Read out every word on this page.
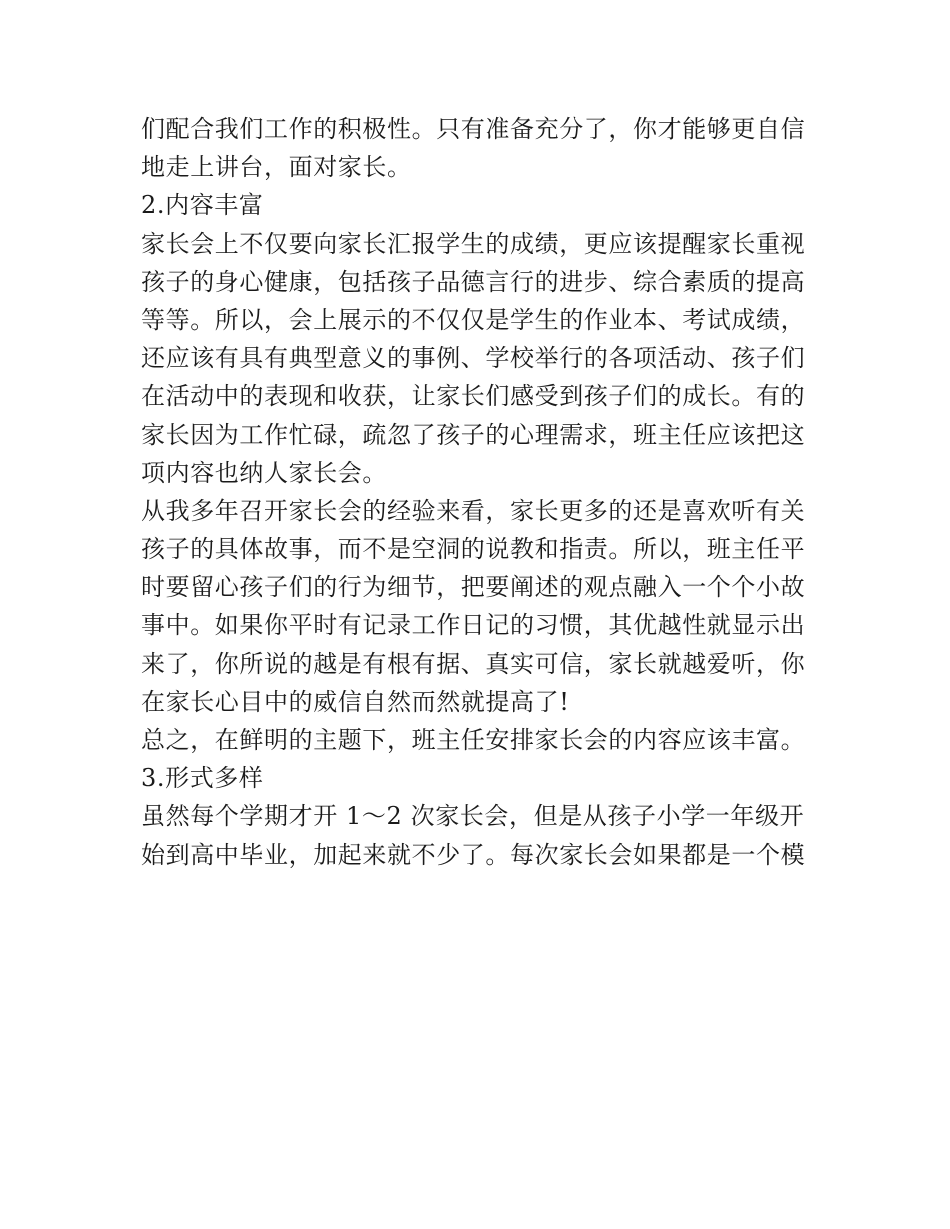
们配合我们工作的积极性。只有准备充分了，你才能够更自信
地走上讲台，面对家长。
2.内容丰富
家长会上不仅要向家长汇报学生的成绩，更应该提醒家长重视
孩子的身心健康，包括孩子品德言行的进步、综合素质的提高
等等。所以，会上展示的不仅仅是学生的作业本、考试成绩，
还应该有具有典型意义的事例、学校举行的各项活动、孩子们
在活动中的表现和收获，让家长们感受到孩子们的成长。有的
家长因为工作忙碌，疏忽了孩子的心理需求，班主任应该把这
项内容也纳人家长会。
从我多年召开家长会的经验来看，家长更多的还是喜欢听有关
孩子的具体故事，而不是空洞的说教和指责。所以，班主任平
时要留心孩子们的行为细节，把要阐述的观点融入一个个小故
事中。如果你平时有记录工作日记的习惯，其优越性就显示出
来了，你所说的越是有根有据、真实可信，家长就越爱听，你
在家长心目中的威信自然而然就提高了!
总之，在鲜明的主题下，班主任安排家长会的内容应该丰富。
3.形式多样
虽然每个学期才开 1～2 次家长会，但是从孩子小学一年级开
始到高中毕业，加起来就不少了。每次家长会如果都是一个模
